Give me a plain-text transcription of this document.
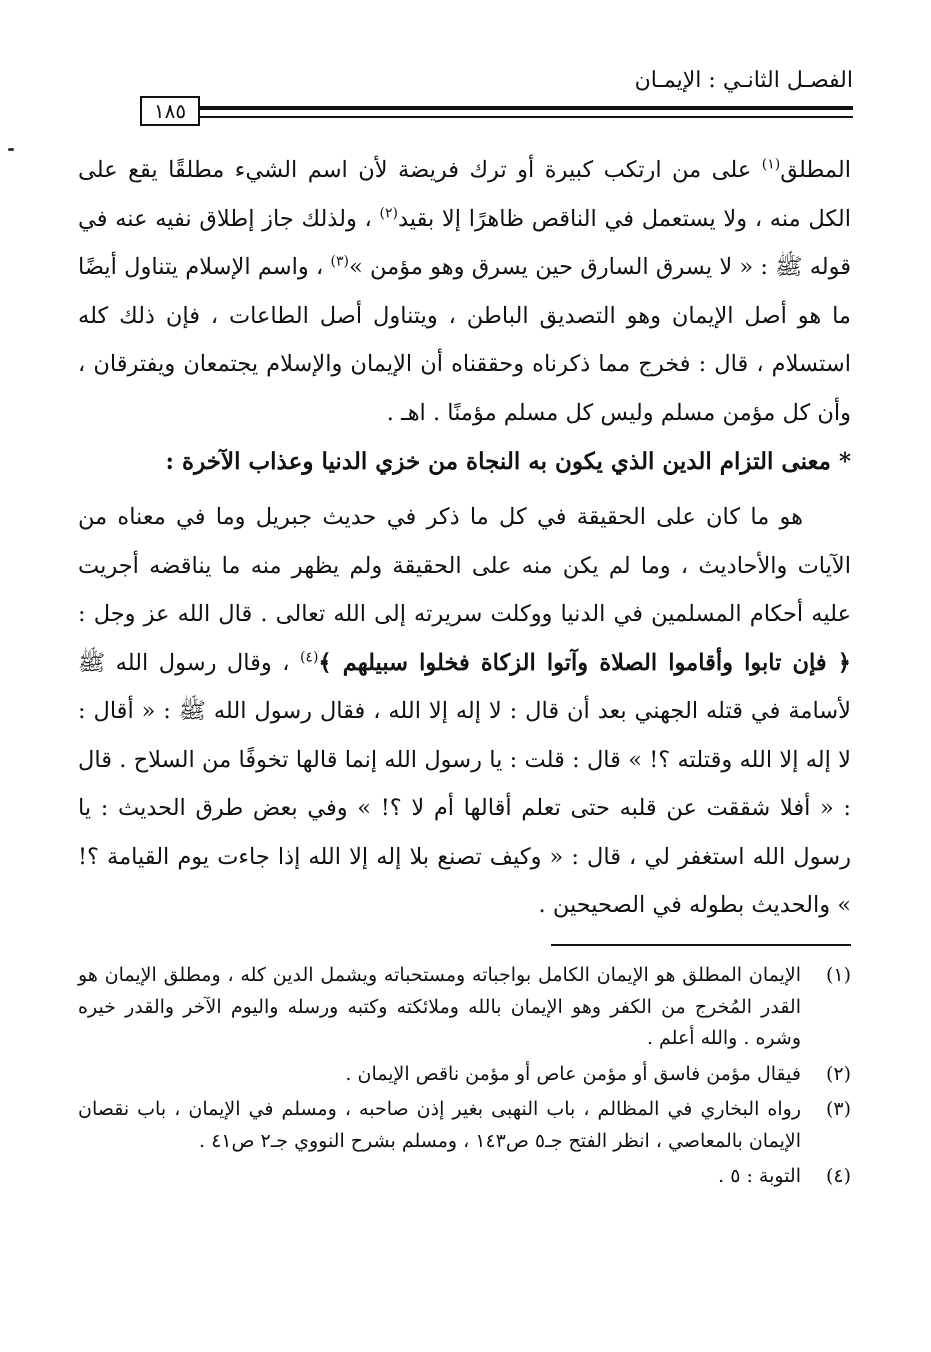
الفصـل الثانـي : الإيمـان
١٨٥

المطلق$^{(١)}$ على من ارتكب كبيرة أو ترك فريضة لأن اسم الشيء مطلقًا يقع على الكل منه ، ولا يستعمل في الناقص ظاهرًا إلا بقيد$^{(٢)}$ ، ولذلك جاز إطلاق نفيه عنه في قوله ﷺ : « لا يسرق السارق حين يسرق وهو مؤمن »$^{(٣)}$ ، واسم الإسلام يتناول أيضًا ما هو أصل الإيمان وهو التصديق الباطن ، ويتناول أصل الطاعات ، فإن ذلك كله استسلام ، قال : فخرج مما ذكرناه وحققناه أن الإيمان والإسلام يجتمعان ويفترقان ، وأن كل مؤمن مسلم وليس كل مسلم مؤمنًا . اهـ .

* معنى التزام الدين الذي يكون به النجاة من خزي الدنيا وعذاب الآخرة :

هو ما كان على الحقيقة في كل ما ذكر في حديث جبريل وما في معناه من الآيات والأحاديث ، وما لم يكن منه على الحقيقة ولم يظهر منه ما يناقضه أجريت عليه أحكام المسلمين في الدنيا ووكلت سريرته إلى الله تعالى . قال الله عز وجل : ﴿ فإن تابوا وأقاموا الصلاة وآتوا الزكاة فخلوا سبيلهم ﴾$^{(٤)}$ ، وقال رسول الله ﷺ لأسامة في قتله الجهني بعد أن قال : لا إله إلا الله ، فقال رسول الله ﷺ : « أقال : لا إله إلا الله وقتلته ؟! » قال : قلت : يا رسول الله إنما قالها تخوفًا من السلاح . قال : « أفلا شققت عن قلبه حتى تعلم أقالها أم لا ؟! » وفي بعض طرق الحديث : يا رسول الله استغفر لي ، قال : « وكيف تصنع بلا إله إلا الله إذا جاءت يوم القيامة ؟! » والحديث بطوله في الصحيحين .

(١)
الإيمان المطلق هو الإيمان الكامل بواجباته ومستحباته ويشمل الدين كله ، ومطلق الإيمان هو القدر المُخرج من الكفر وهو الإيمان بالله وملائكته وكتبه ورسله واليوم الآخر والقدر خيره وشره . والله أعلم .
(٢)
فيقال مؤمن فاسق أو مؤمن عاص أو مؤمن ناقص الإيمان .
(٣)
رواه البخاري في المظالم ، باب النهبى بغير إذن صاحبه ، ومسلم في الإيمان ، باب نقصان الإيمان بالمعاصي ، انظر الفتح جـ٥ ص١٤٣ ، ومسلم بشرح النووي جـ٢ ص٤١ .
(٤)
التوبة : ٥ .
